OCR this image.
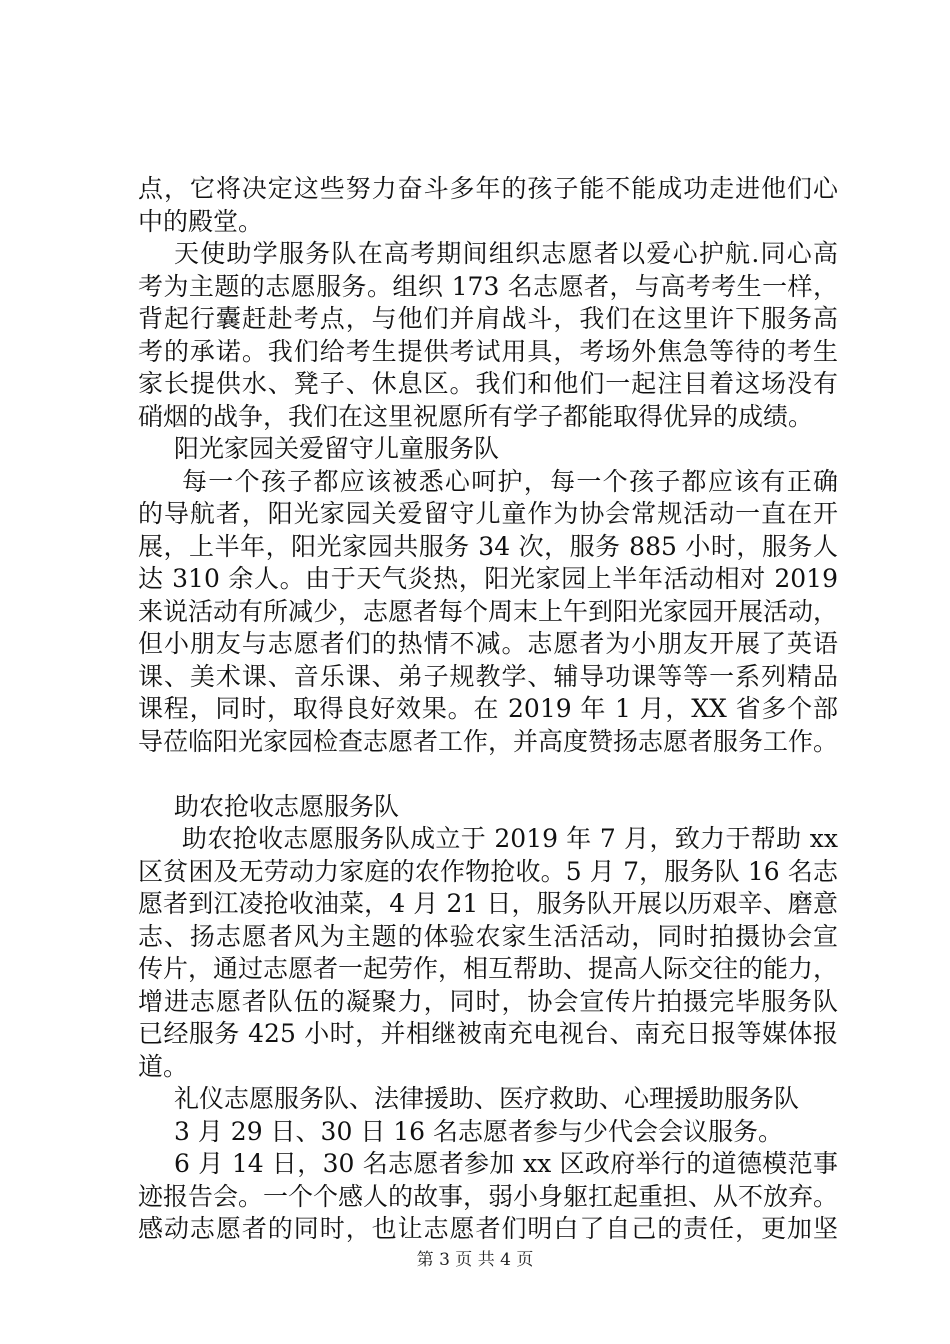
点，它将决定这些努力奋斗多年的孩子能不能成功走进他们心
中的殿堂。
天使助学服务队在高考期间组织志愿者以爱心护航.同心高
考为主题的志愿服务。组织 173 名志愿者，与高考考生一样，
背起行囊赶赴考点，与他们并肩战斗，我们在这里许下服务高
考的承诺。我们给考生提供考试用具，考场外焦急等待的考生
家长提供水、凳子、休息区。我们和他们一起注目着这场没有
硝烟的战争，我们在这里祝愿所有学子都能取得优异的成绩。
阳光家园关爱留守儿童服务队
每一个孩子都应该被悉心呵护，每一个孩子都应该有正确
的导航者，阳光家园关爱留守儿童作为协会常规活动一直在开
展，上半年，阳光家园共服务 34 次，服务 885 小时，服务人
达 310 余人。由于天气炎热，阳光家园上半年活动相对 2019
来说活动有所减少，志愿者每个周末上午到阳光家园开展活动，
但小朋友与志愿者们的热情不减。志愿者为小朋友开展了英语
课、美术课、音乐课、弟子规教学、辅导功课等等一系列精品
课程，同时，取得良好效果。在 2019 年 1 月，XX 省多个部
导莅临阳光家园检查志愿者工作，并高度赞扬志愿者服务工作。
助农抢收志愿服务队
助农抢收志愿服务队成立于 2019 年 7 月，致力于帮助 xx
区贫困及无劳动力家庭的农作物抢收。5 月 7，服务队 16 名志
愿者到江凌抢收油菜，4 月 21 日，服务队开展以历艰辛、磨意
志、扬志愿者风为主题的体验农家生活活动，同时拍摄协会宣
传片，通过志愿者一起劳作，相互帮助、提高人际交往的能力，
增进志愿者队伍的凝聚力，同时，协会宣传片拍摄完毕服务队
已经服务 425 小时，并相继被南充电视台、南充日报等媒体报
道。
礼仪志愿服务队、法律援助、医疗救助、心理援助服务队
3 月 29 日、30 日 16 名志愿者参与少代会会议服务。
6 月 14 日，30 名志愿者参加 xx 区政府举行的道德模范事
迹报告会。一个个感人的故事，弱小身躯扛起重担、从不放弃。
感动志愿者的同时，也让志愿者们明白了自己的责任，更加坚
第 3 页 共 4 页
